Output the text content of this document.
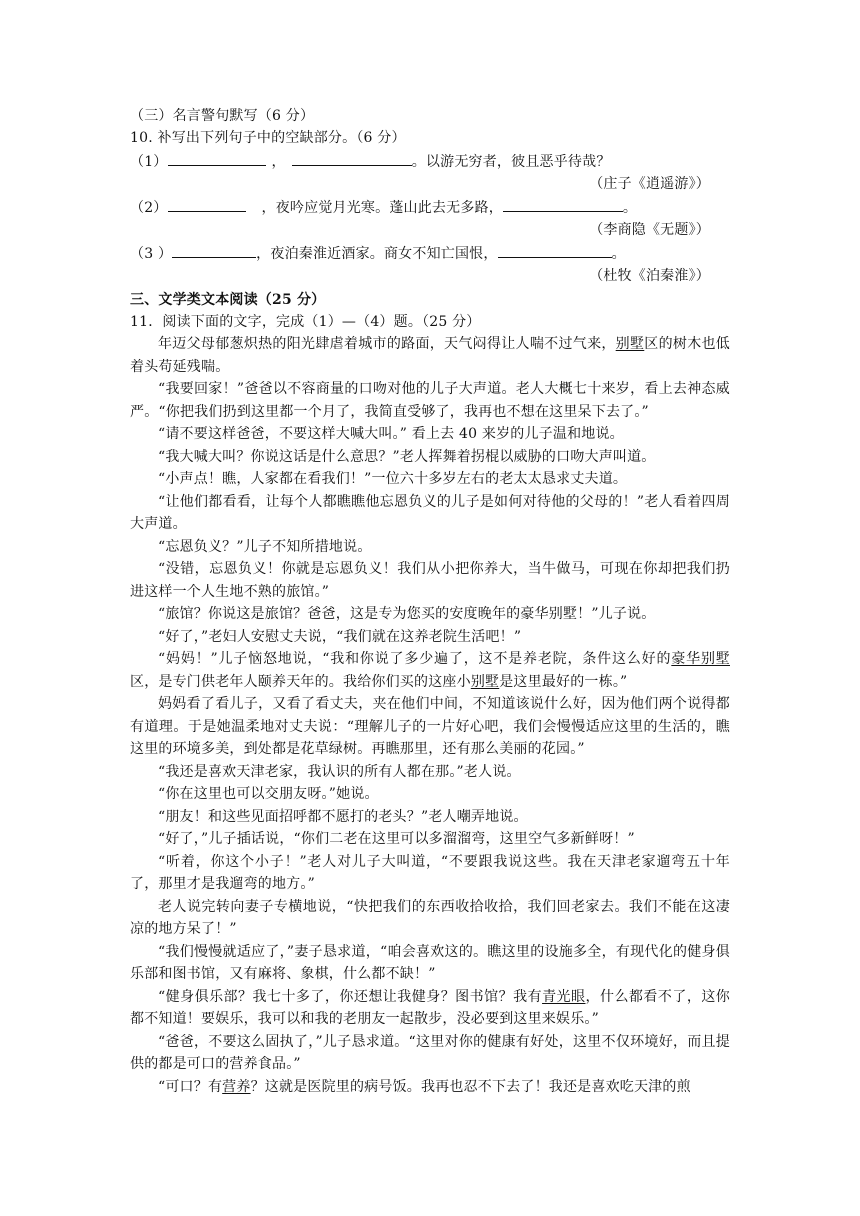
（三）名言警句默写（6 分）
10. 补写出下列句子中的空缺部分。（6 分）
（1）	，	。以游无穷者，彼且恶乎待哉？
（庄子《逍遥游》）
（2）	，夜吟应觉月光寒。蓬山此去无多路，	。
（李商隐《无题》）
（3 ）	，夜泊秦淮近酒家。商女不知亡国恨，	。
（杜牧《泊秦淮》）
三、文学类文本阅读（25 分）
11．阅读下面的文字，完成（1）—（4）题。（25 分）

年迈父母郁葱炽热的阳光肆虐着城市的路面，天气闷得让人喘不过气来，别墅区的树木也低着头苟延残喘。

“我要回家！”爸爸以不容商量的口吻对他的儿子大声道。老人大概七十来岁，看上去神态威严。“你把我们扔到这里都一个月了，我简直受够了，我再也不想在这里呆下去了。”

“请不要这样爸爸，不要这样大喊大叫。” 看上去 40 来岁的儿子温和地说。

“我大喊大叫？你说这话是什么意思？”老人挥舞着拐棍以威胁的口吻大声叫道。

“小声点！瞧，人家都在看我们！”一位六十多岁左右的老太太恳求丈夫道。

“让他们都看看，让每个人都瞧瞧他忘恩负义的儿子是如何对待他的父母的！”老人看着四周大声道。

“忘恩负义？”儿子不知所措地说。

“没错，忘恩负义！你就是忘恩负义！我们从小把你养大，当牛做马，可现在你却把我们扔进这样一个人生地不熟的旅馆。”

“旅馆？你说这是旅馆？爸爸，这是专为您买的安度晚年的豪华别墅！”儿子说。

“好了，”老妇人安慰丈夫说，“我们就在这养老院生活吧！”

“妈妈！”儿子恼怒地说，“我和你说了多少遍了，这不是养老院，条件这么好的豪华别墅区，是专门供老年人颐养天年的。我给你们买的这座小别墅是这里最好的一栋。”

妈妈看了看儿子，又看了看丈夫，夹在他们中间，不知道该说什么好，因为他们两个说得都有道理。于是她温柔地对丈夫说：“理解儿子的一片好心吧，我们会慢慢适应这里的生活的，瞧这里的环境多美，到处都是花草绿树。再瞧那里，还有那么美丽的花园。”

“我还是喜欢天津老家，我认识的所有人都在那。”老人说。

“你在这里也可以交朋友呀。”她说。

“朋友！和这些见面招呼都不愿打的老头？”老人嘲弄地说。

“好了，”儿子插话说，“你们二老在这里可以多溜溜弯，这里空气多新鲜呀！”

“听着，你这个小子！”老人对儿子大叫道，“不要跟我说这些。我在天津老家遛弯五十年了，那里才是我遛弯的地方。”

老人说完转向妻子专横地说，“快把我们的东西收拾收拾，我们回老家去。我们不能在这凄凉的地方呆了！”

“我们慢慢就适应了，”妻子恳求道，“咱会喜欢这的。瞧这里的设施多全，有现代化的健身俱乐部和图书馆，又有麻将、象棋，什么都不缺！”

“健身俱乐部？我七十多了，你还想让我健身？图书馆？我有青光眼，什么都看不了，这你都不知道！要娱乐，我可以和我的老朋友一起散步，没必要到这里来娱乐。”

“爸爸，不要这么固执了，”儿子恳求道。“这里对你的健康有好处，这里不仅环境好，而且提供的都是可口的营养食品。”

“可口？有营养？这就是医院里的病号饭。我再也忍不下去了！我还是喜欢吃天津的煎
